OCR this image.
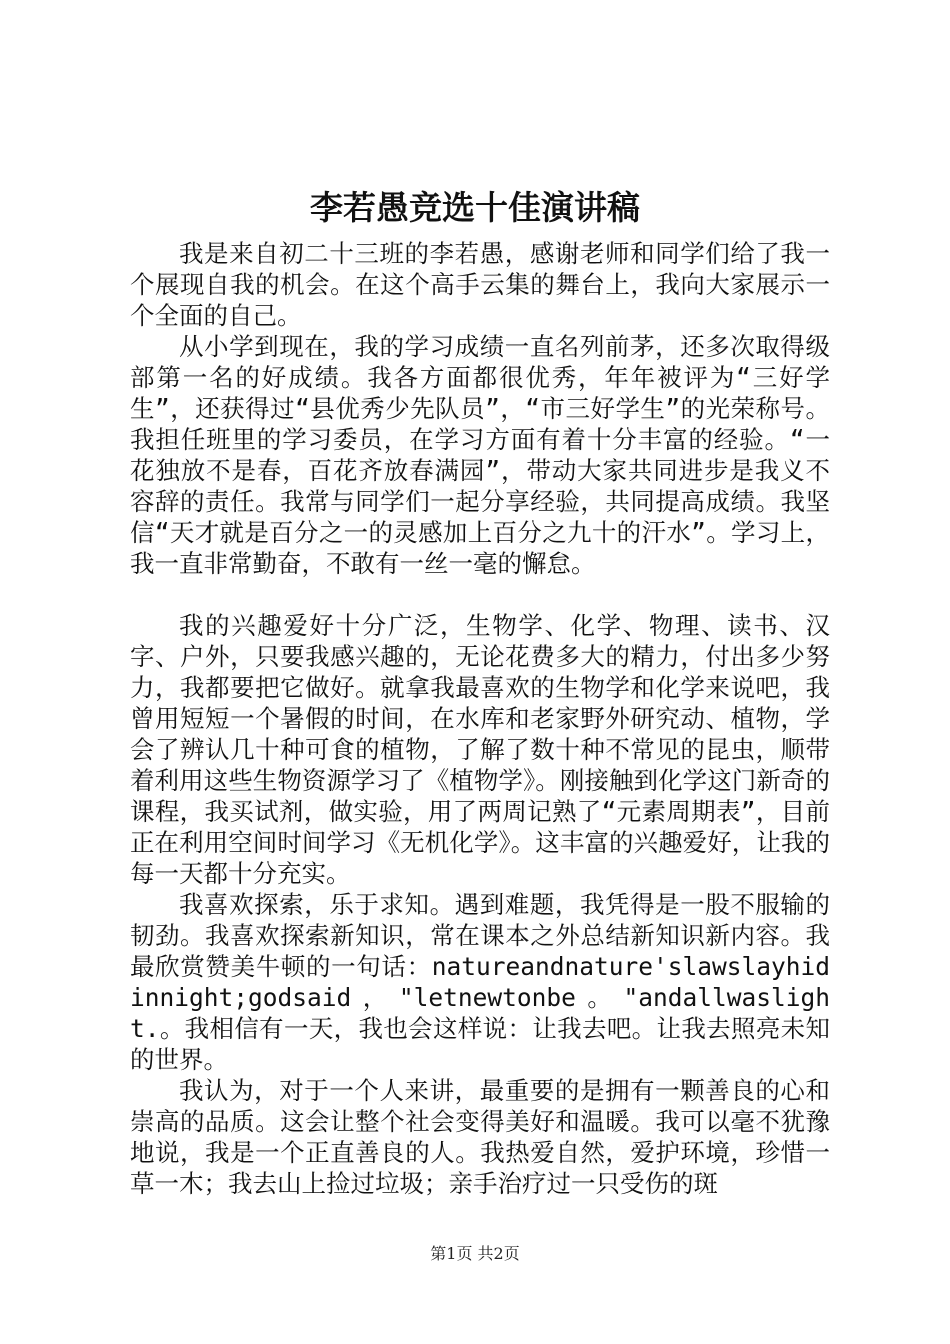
李若愚竞选十佳演讲稿

我是来自初二十三班的李若愚，感谢老师和同学们给了我一个展现自我的机会。在这个高手云集的舞台上，我向大家展示一个全面的自己。

从小学到现在，我的学习成绩一直名列前茅，还多次取得级部第一名的好成绩。我各方面都很优秀，年年被评为“三好学生”，还获得过“县优秀少先队员”，“市三好学生”的光荣称号。我担任班里的学习委员，在学习方面有着十分丰富的经验。“一花独放不是春，百花齐放春满园”，带动大家共同进步是我义不容辞的责任。我常与同学们一起分享经验，共同提高成绩。我坚信“天才就是百分之一的灵感加上百分之九十的汗水”。学习上，我一直非常勤奋，不敢有一丝一毫的懈怠。

我的兴趣爱好十分广泛，生物学、化学、物理、读书、汉字、户外，只要我感兴趣的，无论花费多大的精力，付出多少努力，我都要把它做好。就拿我最喜欢的生物学和化学来说吧，我曾用短短一个暑假的时间，在水库和老家野外研究动、植物，学会了辨认几十种可食的植物，了解了数十种不常见的昆虫，顺带着利用这些生物资源学习了《植物学》。刚接触到化学这门新奇的课程，我买试剂，做实验，用了两周记熟了“元素周期表”，目前正在利用空间时间学习《无机化学》。这丰富的兴趣爱好，让我的每一天都十分充实。

我喜欢探索，乐于求知。遇到难题，我凭得是一股不服输的韧劲。我喜欢探索新知识，常在课本之外总结新知识新内容。我最欣赏赞美牛顿的一句话：natureandnature'slawslayhidinnight;godsaid，"letnewtonbe。"andallwaslight.。我相信有一天，我也会这样说：让我去吧。让我去照亮未知的世界。

我认为，对于一个人来讲，最重要的是拥有一颗善良的心和崇高的品质。这会让整个社会变得美好和温暖。我可以毫不犹豫地说，我是一个正直善良的人。我热爱自然，爱护环境，珍惜一草一木；我去山上捡过垃圾；亲手治疗过一只受伤的斑

第1页 共2页
